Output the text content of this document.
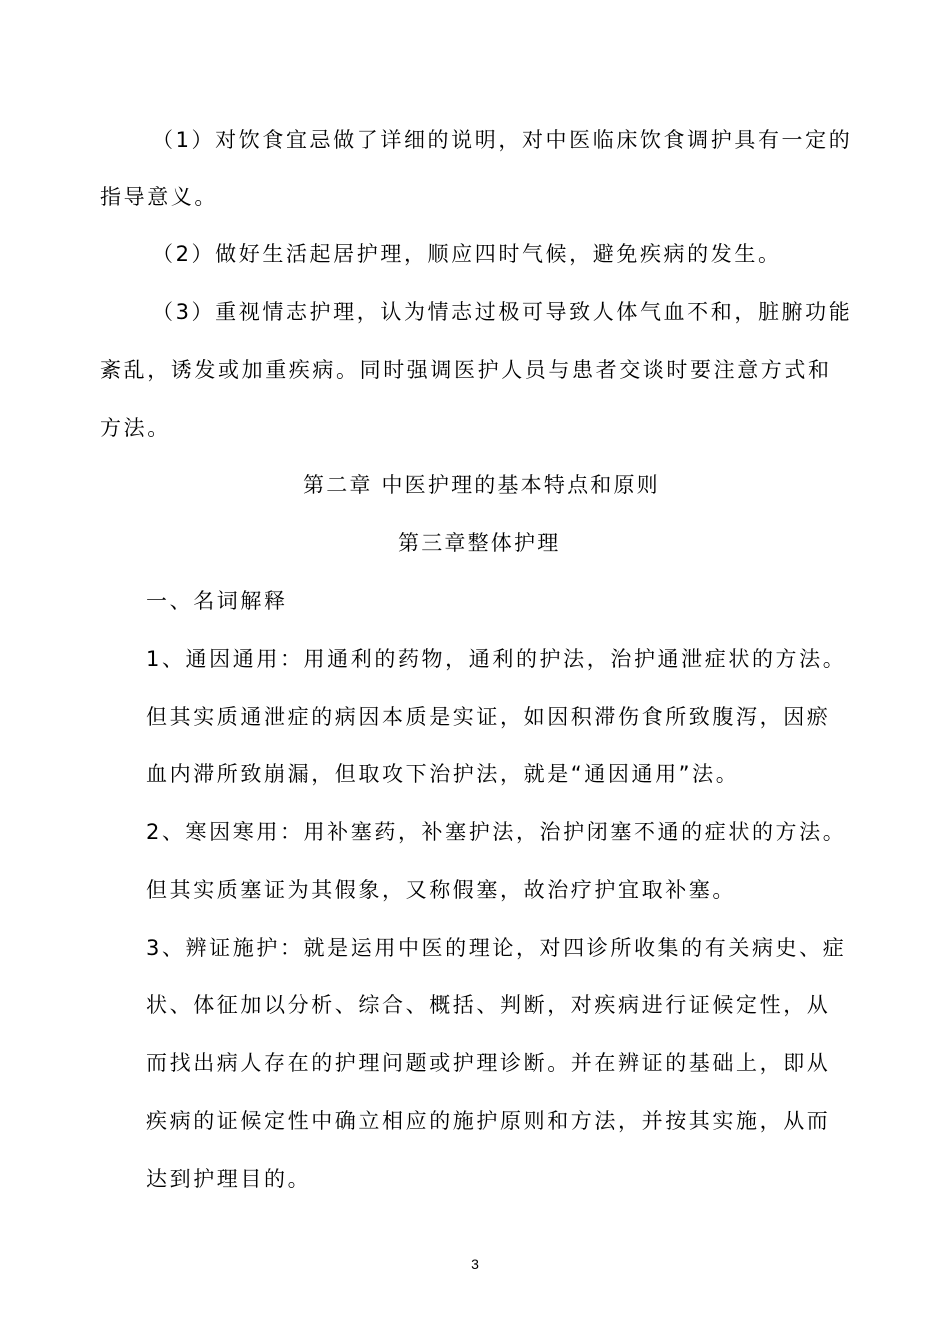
（1）对饮食宜忌做了详细的说明，对中医临床饮食调护具有一定的

指导意义。

（2）做好生活起居护理，顺应四时气候，避免疾病的发生。

（3）重视情志护理，认为情志过极可导致人体气血不和，脏腑功能

紊乱，诱发或加重疾病。同时强调医护人员与患者交谈时要注意方式和

方法。

第二章 中医护理的基本特点和原则
第三章整体护理
一、名词解释

1、通因通用：用通利的药物，通利的护法，治护通泄症状的方法。

但其实质通泄症的病因本质是实证，如因积滞伤食所致腹泻，因瘀

血内滞所致崩漏，但取攻下治护法，就是“通因通用”法。

2、寒因寒用：用补塞药，补塞护法，治护闭塞不通的症状的方法。

但其实质塞证为其假象，又称假塞，故治疗护宜取补塞。

3、辨证施护：就是运用中医的理论，对四诊所收集的有关病史、症

状、体征加以分析、综合、概括、判断，对疾病进行证候定性，从

而找出病人存在的护理问题或护理诊断。并在辨证的基础上，即从

疾病的证候定性中确立相应的施护原则和方法，并按其实施，从而

达到护理目的。

3
